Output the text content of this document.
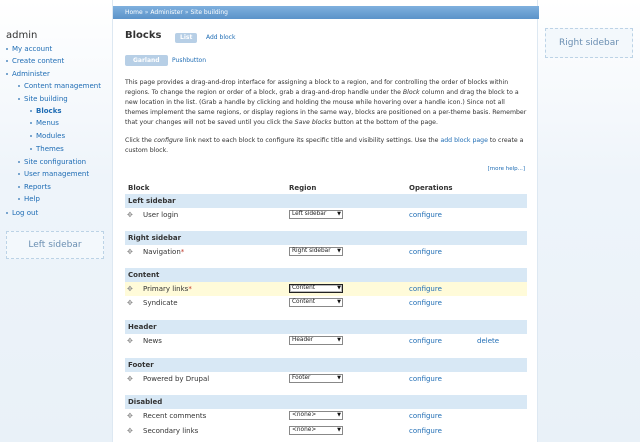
admin
My account
Create content
Administer
Content management
Site building
Blocks
Menus
Modules
Themes
Site configuration
User management
Reports
Help
Log out
Left sidebar
Home » Administer » Site building
Blocks	List	Add block
Garland	Pushbutton
This page provides a drag-and-drop interface for assigning a block to a region, and for controlling the order of blocks within regions. To change the region or order of a block, grab a drag-and-drop handle under the Block column and drag the block to a new location in the list. (Grab a handle by clicking and holding the mouse while hovering over a handle icon.) Since not all themes implement the same regions, or display regions in the same way, blocks are positioned on a per-theme basis. Remember that your changes will not be saved until you click the Save blocks button at the bottom of the page.
Click the configure link next to each block to configure its specific title and visibility settings. Use the add block page to create a custom block.
[more help...]
Block	Region	Operations
Left sidebar
✥ User login	Left sidebar ▼	configure
Right sidebar
✥ Navigation*	Right sidebar ▼	configure
Content
✥ Primary links*	Content	▼	configure
✥ Syndicate	Content	▼	configure
Header
✥ News	Header	▼	configure	delete
Footer
✥ Powered by Drupal	Footer	▼	configure
Disabled
✥ Recent comments	<none>	▼	configure
✥ Secondary links	<none>	▼	configure
Right sidebar
